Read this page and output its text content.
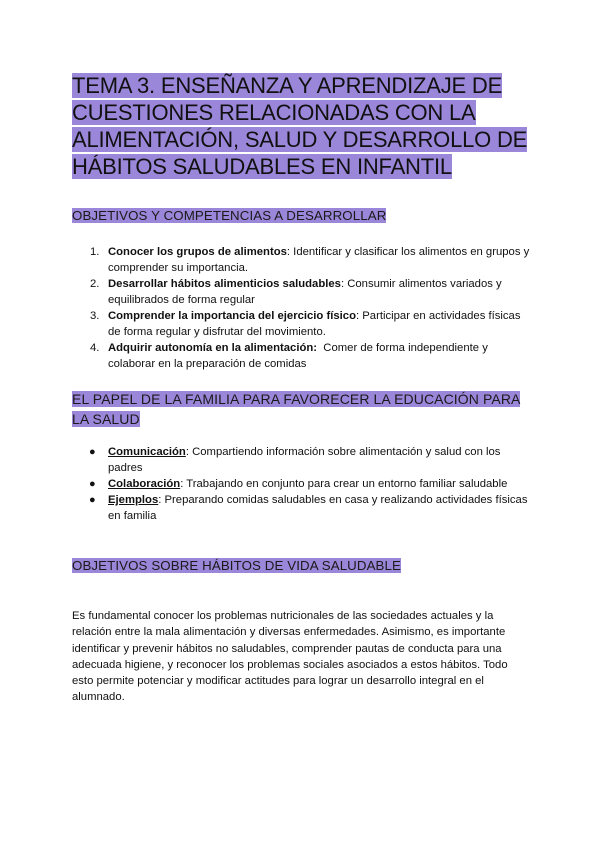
TEMA 3. ENSEÑANZA Y APRENDIZAJE DE CUESTIONES RELACIONADAS CON LA ALIMENTACIÓN, SALUD Y DESARROLLO DE HÁBITOS SALUDABLES EN INFANTIL
OBJETIVOS Y COMPETENCIAS A DESARROLLAR
1. Conocer los grupos de alimentos: Identificar y clasificar los alimentos en grupos y comprender su importancia.
2. Desarrollar hábitos alimenticios saludables: Consumir alimentos variados y equilibrados de forma regular
3. Comprender la importancia del ejercicio físico: Participar en actividades físicas de forma regular y disfrutar del movimiento.
4. Adquirir autonomía en la alimentación:  Comer de forma independiente y colaborar en la preparación de comidas
EL PAPEL DE LA FAMILIA PARA FAVORECER LA EDUCACIÓN PARA LA SALUD
● Comunicación: Compartiendo información sobre alimentación y salud con los padres
● Colaboración: Trabajando en conjunto para crear un entorno familiar saludable
● Ejemplos: Preparando comidas saludables en casa y realizando actividades físicas en familia
OBJETIVOS SOBRE HÁBITOS DE VIDA SALUDABLE

Es fundamental conocer los problemas nutricionales de las sociedades actuales y la relación entre la mala alimentación y diversas enfermedades. Asimismo, es importante identificar y prevenir hábitos no saludables, comprender pautas de conducta para una adecuada higiene, y reconocer los problemas sociales asociados a estos hábitos. Todo esto permite potenciar y modificar actitudes para lograr un desarrollo integral en el alumnado.
